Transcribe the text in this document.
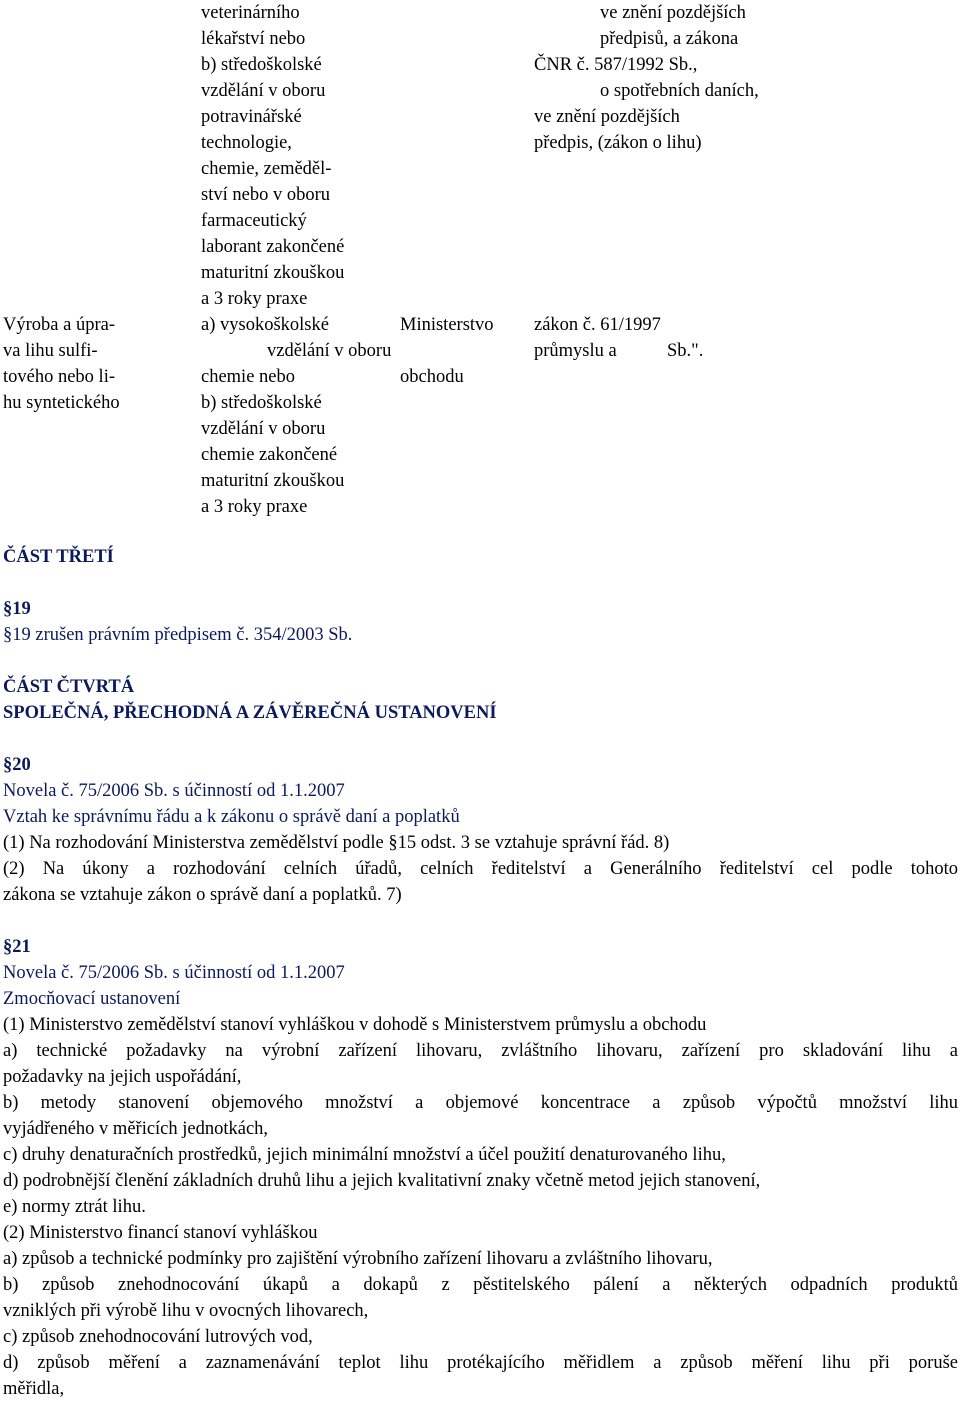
veterinárního
lékařství nebo
b) středoškolské
vzdělání v oboru
potravinářské
technologie,
chemie, zeměděl-
ství nebo v oboru
farmaceutický
laborant zakončené
maturitní zkouškou
a 3 roky praxe
ve znění pozdějších
předpisů, a zákona
ČNR č. 587/1992 Sb.,
o spotřebních daních,
ve znění pozdějších
předpis, (zákon o lihu)
Výroba a úpra-
va lihu sulfi-
tového nebo li-
hu syntetického
a) vysokoškolské
vzdělání v oboru
chemie nebo
b) středoškolské
vzdělání v oboru
chemie zakončené
maturitní zkouškou
a 3 roky praxe
Ministerstvo
průmyslu a
obchodu
zákon č. 61/1997
Sb.".
ČÁST TŘETÍ
§19
§19 zrušen právním předpisem č. 354/2003 Sb.
ČÁST ČTVRTÁ
SPOLEČNÁ, PŘECHODNÁ A ZÁVĚREČNÁ USTANOVENÍ
§20
Novela č. 75/2006 Sb. s účinností od 1.1.2007
Vztah ke správnímu řádu a k zákonu o správě daní a poplatků
(1) Na rozhodování Ministerstva zemědělství podle §15 odst. 3 se vztahuje správní řád. 8)
(2) Na úkony a rozhodování celních úřadů, celních ředitelství a Generálního ředitelství cel podle tohoto
zákona se vztahuje zákon o správě daní a poplatků. 7)
§21
Novela č. 75/2006 Sb. s účinností od 1.1.2007
Zmocňovací ustanovení
(1) Ministerstvo zemědělství stanoví vyhláškou v dohodě s Ministerstvem průmyslu a obchodu
a) technické požadavky na výrobní zařízení lihovaru, zvláštního lihovaru, zařízení pro skladování lihu a
požadavky na jejich uspořádání,
b) metody stanovení objemového množství a objemové koncentrace a způsob výpočtů množství lihu
vyjádřeného v měřicích jednotkách,
c) druhy denaturačních prostředků, jejich minimální množství a účel použití denaturovaného lihu,
d) podrobnější členění základních druhů lihu a jejich kvalitativní znaky včetně metod jejich stanovení,
e) normy ztrát lihu.
(2) Ministerstvo financí stanoví vyhláškou
a) způsob a technické podmínky pro zajištění výrobního zařízení lihovaru a zvláštního lihovaru,
b) způsob znehodnocování úkapů a dokapů z pěstitelského pálení a některých odpadních produktů
vzniklých při výrobě lihu v ovocných lihovarech,
c) způsob znehodnocování lutrových vod,
d) způsob měření a zaznamenávání teplot lihu protékajícího měřidlem a způsob měření lihu při poruše
měřidla,
